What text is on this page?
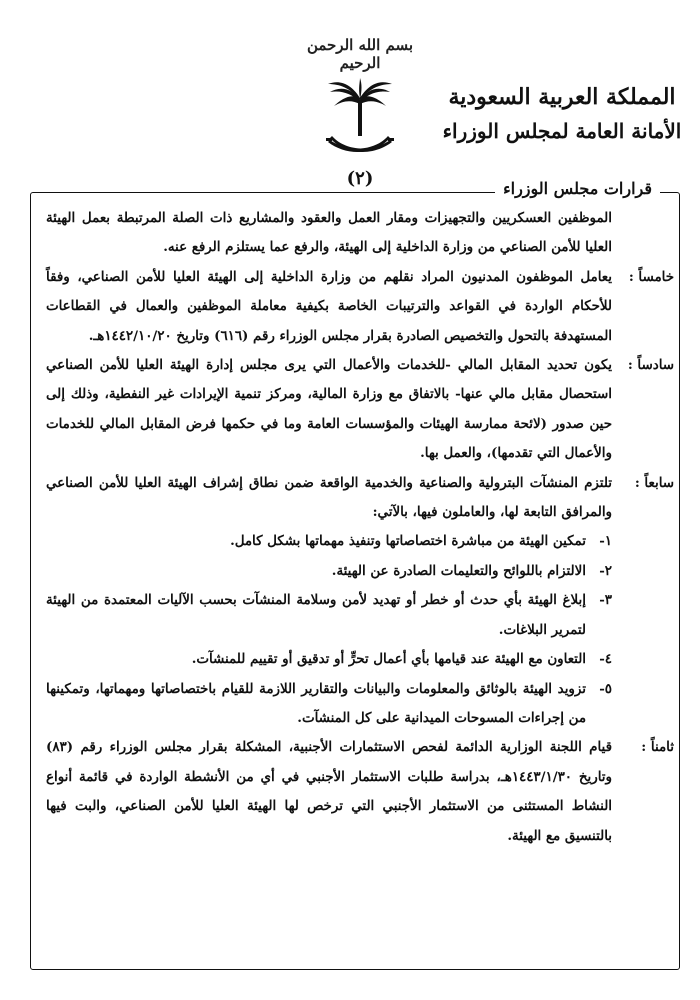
بسم الله الرحمن الرحيم
المملكة العربية السعودية
الأمانة العامة لمجلس الوزراء
(٢)	قرارات مجلس الوزراء

الموظفين العسكريين والتجهيزات ومقار العمل والعقود والمشاريع ذات الصلة المرتبطة بعمل الهيئة العليا للأمن الصناعي من وزارة الداخلية إلى الهيئة، والرفع عما يستلزم الرفع عنه.

خامساً :

يعامل الموظفون المدنيون المراد نقلهم من وزارة الداخلية إلى الهيئة العليا للأمن الصناعي، وفقاً للأحكام الواردة في القواعد والترتيبات الخاصة بكيفية معاملة الموظفين والعمال في القطاعات المستهدفة بالتحول والتخصيص الصادرة بقرار مجلس الوزراء رقم (٦١٦) وتاريخ ١٤٤٢/١٠/٢٠هـ.

سادساً :

يكون تحديد المقابل المالي -للخدمات والأعمال التي يرى مجلس إدارة الهيئة العليا للأمن الصناعي استحصال مقابل مالي عنها- بالاتفاق مع وزارة المالية، ومركز تنمية الإيرادات غير النفطية، وذلك إلى حين صدور (لائحة ممارسة الهيئات والمؤسسات العامة وما في حكمها فرض المقابل المالي للخدمات والأعمال التي تقدمها)، والعمل بها.

سابعاً :

تلتزم المنشآت البترولية والصناعية والخدمية الواقعة ضمن نطاق إشراف الهيئة العليا للأمن الصناعي والمرافق التابعة لها، والعاملون فيها، بالآتي:

١-

تمكين الهيئة من مباشرة اختصاصاتها وتنفيذ مهماتها بشكل كامل.

٢-

الالتزام باللوائح والتعليمات الصادرة عن الهيئة.

٣-

إبلاغ الهيئة بأي حدث أو خطر أو تهديد لأمن وسلامة المنشآت بحسب الآليات المعتمدة من الهيئة لتمرير البلاغات.

٤-

التعاون مع الهيئة عند قيامها بأي أعمال تحرٍّ أو تدقيق أو تقييم للمنشآت.

٥-

تزويد الهيئة بالوثائق والمعلومات والبيانات والتقارير اللازمة للقيام باختصاصاتها ومهماتها، وتمكينها من إجراءات المسوحات الميدانية على كل المنشآت.

ثامناً :

قيام اللجنة الوزارية الدائمة لفحص الاستثمارات الأجنبية، المشكلة بقرار مجلس الوزراء رقم (٨٣) وتاريخ ١٤٤٣/١/٣٠هـ، بدراسة طلبات الاستثمار الأجنبي في أي من الأنشطة الواردة في قائمة أنواع النشاط المستثنى من الاستثمار الأجنبي التي ترخص لها الهيئة العليا للأمن الصناعي، والبت فيها بالتنسيق مع الهيئة.
